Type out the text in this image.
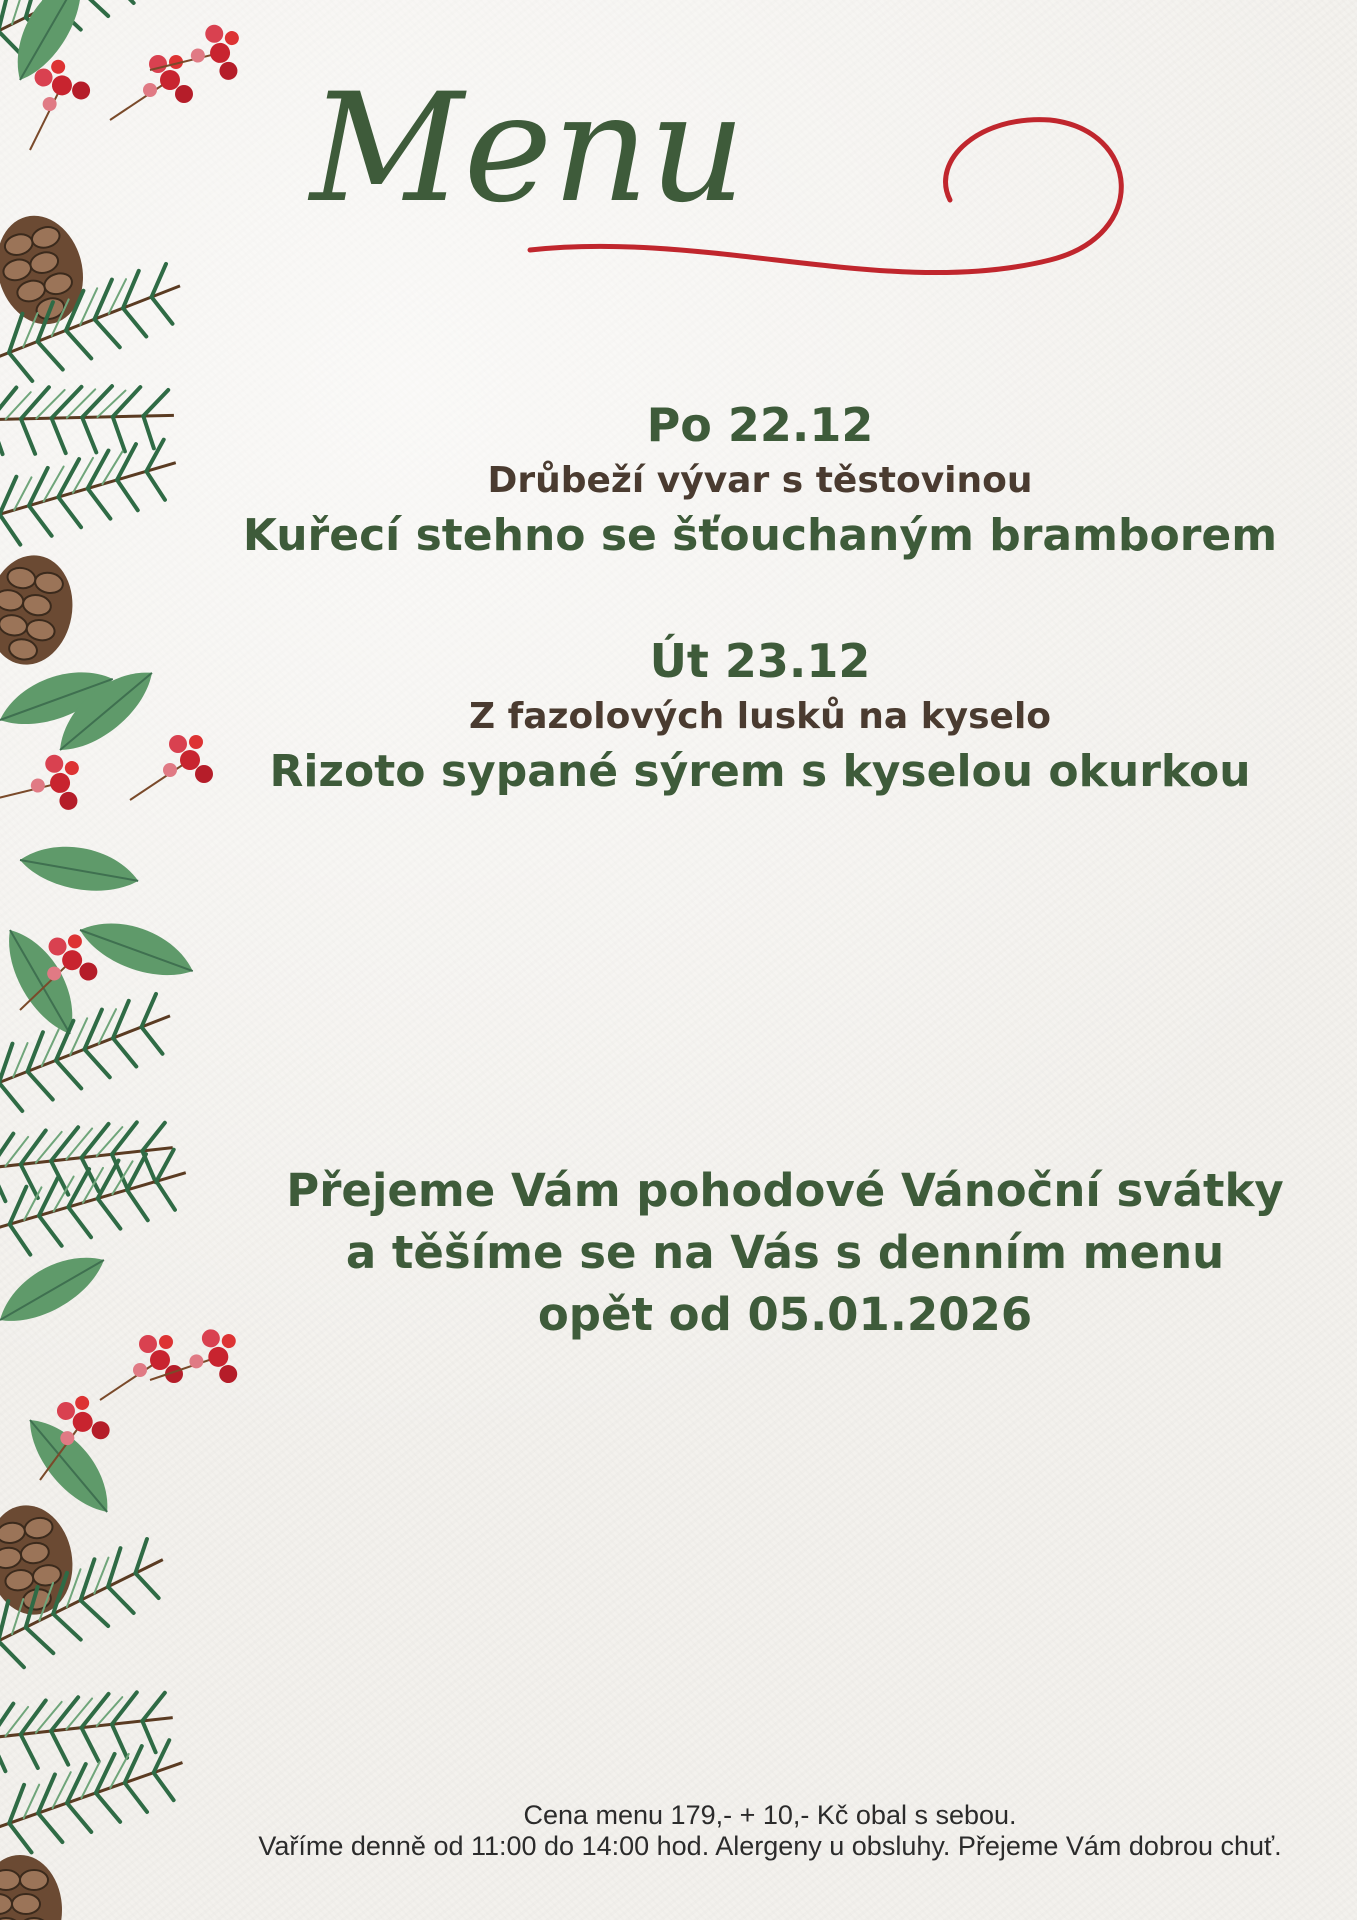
Menu

Po 22.12

Drůbeží vývar s těstovinou

Kuřecí stehno se šťouchaným bramborem

Út 23.12

Z fazolových lusků na kyselo

Rizoto sypané sýrem s kyselou okurkou

Přejeme Vám pohodové Vánoční svátky
a těšíme se na Vás s denním menu
opět od 05.01.2026
Cena menu 179,- + 10,- Kč obal s sebou.
Vaříme denně od 11:00 do 14:00 hod. Alergeny u obsluhy. Přejeme Vám dobrou chuť.
